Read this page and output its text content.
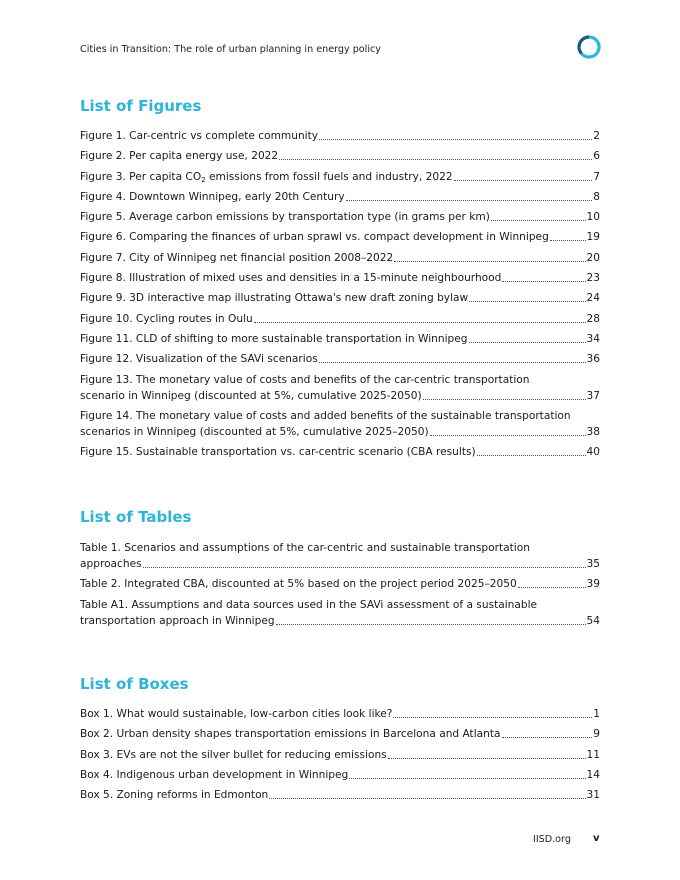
Cities in Transition: The role of urban planning in energy policy
List of Figures
Figure 1. Car-centric vs complete community	2
Figure 2. Per capita energy use, 2022	6
Figure 3. Per capita $CO_2$ emissions from fossil fuels and industry, 2022	7
Figure 4. Downtown Winnipeg, early 20th Century	8
Figure 5. Average carbon emissions by transportation type (in grams per km)	10
Figure 6. Comparing the finances of urban sprawl vs. compact development in Winnipeg	19
Figure 7. City of Winnipeg net financial position 2008–2022	20
Figure 8. Illustration of mixed uses and densities in a 15-minute neighbourhood	23
Figure 9. 3D interactive map illustrating Ottawa's new draft zoning bylaw	24
Figure 10. Cycling routes in Oulu	28
Figure 11. CLD of shifting to more sustainable transportation in Winnipeg	34
Figure 12. Visualization of the SAVi scenarios	36
Figure 13. The monetary value of costs and benefits of the car-centric transportation
scenario in Winnipeg (discounted at 5%, cumulative 2025-2050)	37
Figure 14. The monetary value of costs and added benefits of the sustainable transportation
scenarios in Winnipeg (discounted at 5%, cumulative 2025–2050)	38
Figure 15. Sustainable transportation vs. car-centric scenario (CBA results)	40
List of Tables
Table 1. Scenarios and assumptions of the car-centric and sustainable transportation
approaches	35
Table 2. Integrated CBA, discounted at 5% based on the project period 2025–2050	39
Table A1. Assumptions and data sources used in the SAVi assessment of a sustainable
transportation approach in Winnipeg	54
List of Boxes
Box 1. What would sustainable, low-carbon cities look like?	1
Box 2. Urban density shapes transportation emissions in Barcelona and Atlanta	9
Box 3. EVs are not the silver bullet for reducing emissions	11
Box 4. Indigenous urban development in Winnipeg	14
Box 5. Zoning reforms in Edmonton	31
IISD.org v
